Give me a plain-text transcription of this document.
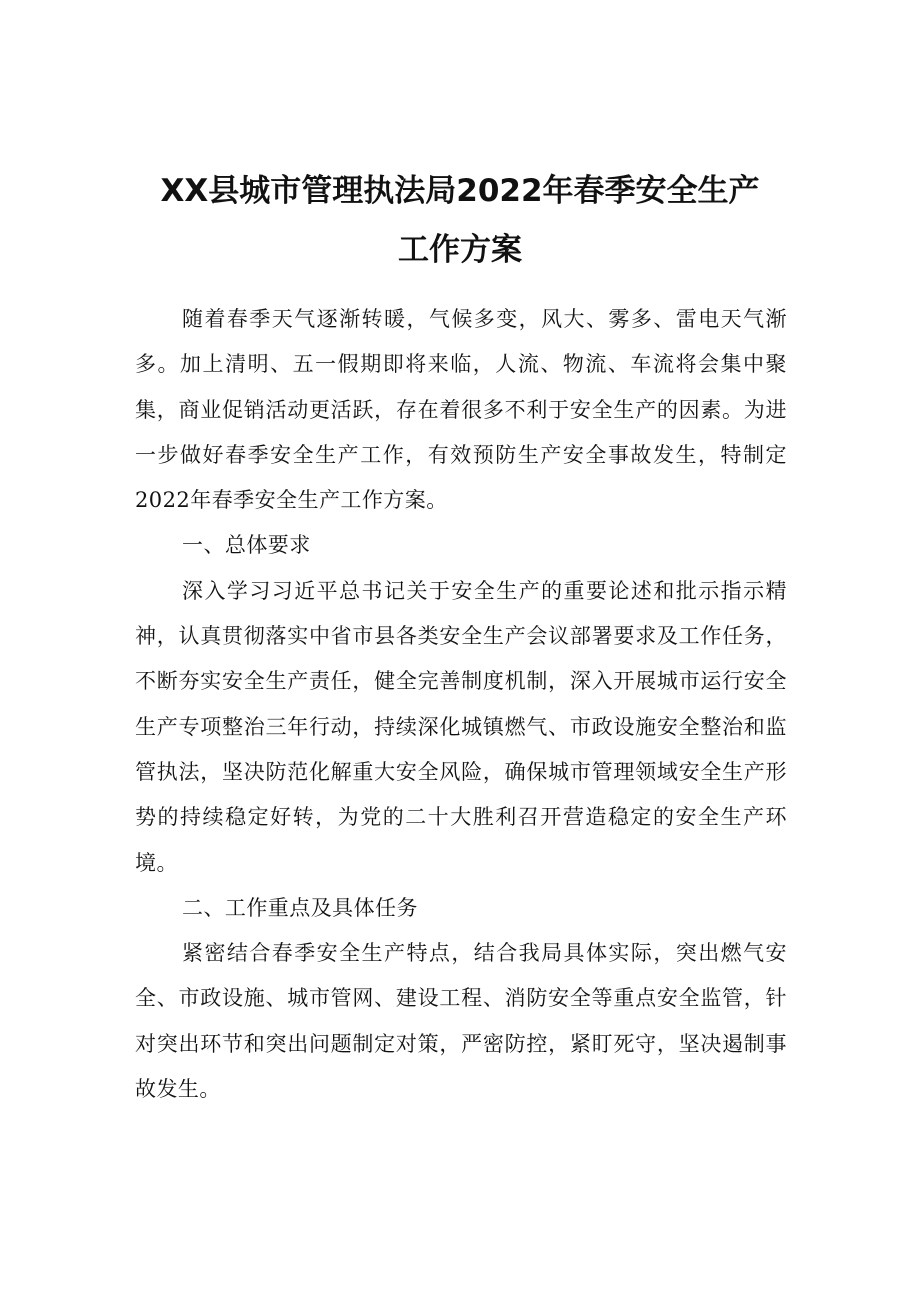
XX县城市管理执法局2022年春季安全生产
工作方案

随着春季天气逐渐转暖，气候多变，风大、雾多、雷电天气渐多。加上清明、五一假期即将来临，人流、物流、车流将会集中聚集，商业促销活动更活跃，存在着很多不利于安全生产的因素。为进一步做好春季安全生产工作，有效预防生产安全事故发生，特制定2022年春季安全生产工作方案。

一、总体要求

深入学习习近平总书记关于安全生产的重要论述和批示指示精神，认真贯彻落实中省市县各类安全生产会议部署要求及工作任务，不断夯实安全生产责任，健全完善制度机制，深入开展城市运行安全生产专项整治三年行动，持续深化城镇燃气、市政设施安全整治和监管执法，坚决防范化解重大安全风险，确保城市管理领域安全生产形势的持续稳定好转，为党的二十大胜利召开营造稳定的安全生产环境。

二、工作重点及具体任务

紧密结合春季安全生产特点，结合我局具体实际，突出燃气安全、市政设施、城市管网、建设工程、消防安全等重点安全监管，针对突出环节和突出问题制定对策，严密防控，紧盯死守，坚决遏制事故发生。
